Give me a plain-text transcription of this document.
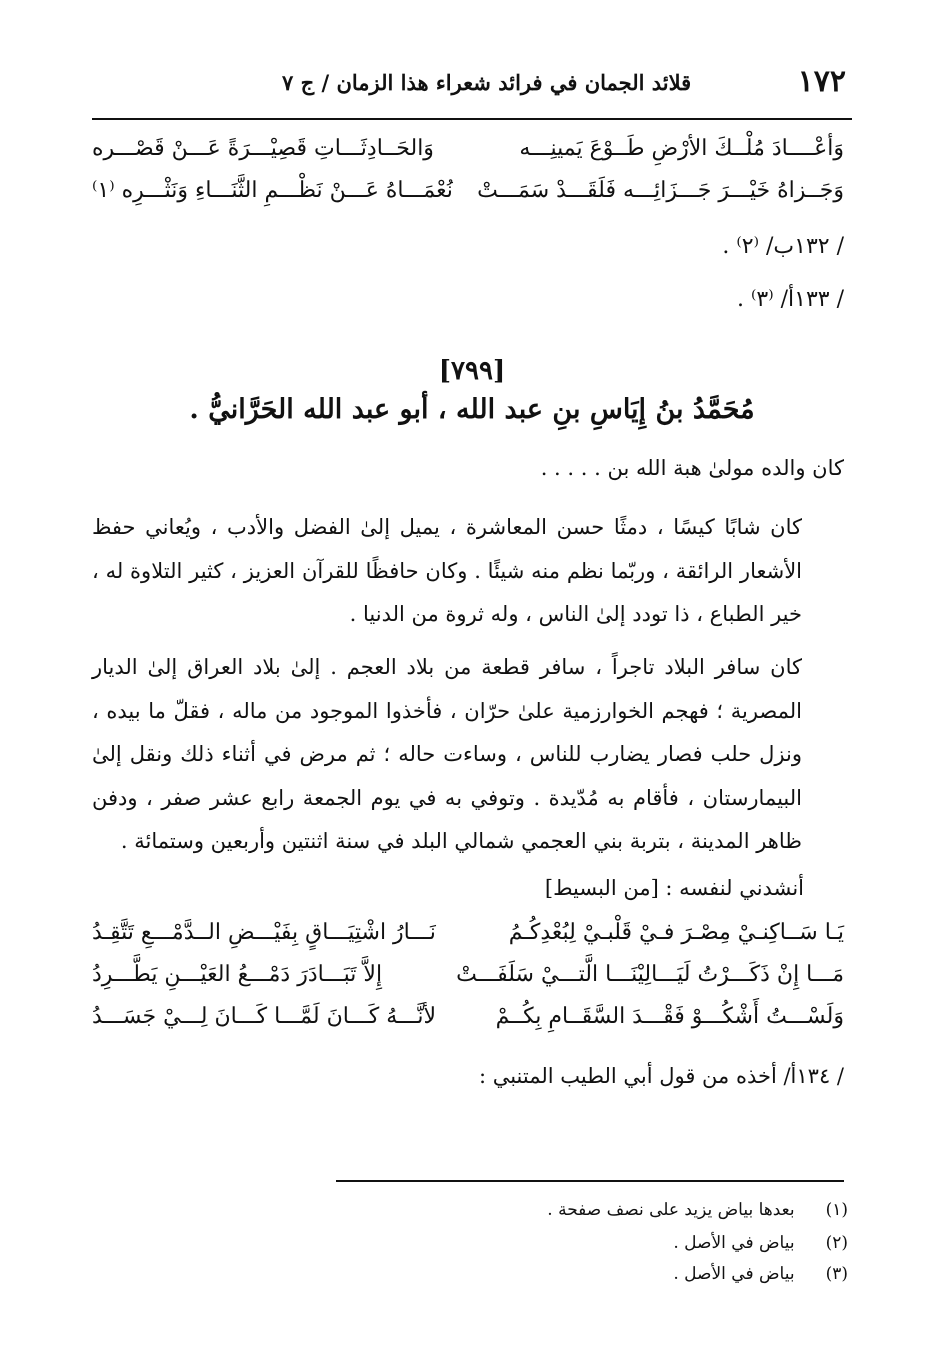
١٧٢
قلائد الجمان في فرائد شعراء هذا الزمان / ج ٧
وَأعْــــادَ مُلْــكَ الأرْضِ طَــوْعَ يَمينِـــه
وَالحَــادِثَـــاتِ قَصِيْـــرَةً عَـــنْ قَصْـــره
وَجَــزاهُ خَيْـــرَ جَـــزَائِـــه فَلَقَـــدْ سَمَـــتْ
نُعْمَـــاهُ عَـــنْ نَظْـــمِ الثَّنَـــاءِ وَنَثْـــرِه ⁽١⁾
/ ١٣٢ب/ ⁽٢⁾ .
/ ١٣٣أ/ ⁽٣⁾ .
[٧٩٩]
مُحَمَّدُ بنُ إِيَاسِ بنِ عبد الله ، أبو عبد الله الحَرَّانيُّ .
كان والده مولىٰ هبة الله بن . . . . .
كان شابًا كيسًا ، دمثًا حسن المعاشرة ، يميل إلىٰ الفضل والأدب ، ويُعاني حفظ الأشعار الرائقة ، وربّما نظم منه شيئًا . وكان حافظًا للقرآن العزيز ، كثير التلاوة له ، خير الطباع ، ذا تودد إلىٰ الناس ، وله ثروة من الدنيا .
كان سافر البلاد تاجراً ، سافر قطعة من بلاد العجم . إلىٰ بلاد العراق إلىٰ الديار المصرية ؛ فهجم الخوارزمية علىٰ حرّان ، فأخذوا الموجود من ماله ، فقلّ ما بيده ، ونزل حلب فصار يضارب للناس ، وساءت حاله ؛ ثم مرض في أثناء ذلك ونقل إلىٰ البيمارستان ، فأقام به مُدّيدة . وتوفي به في يوم الجمعة رابع عشر صفر ، ودفن ظاهر المدينة ، بتربة بني العجمي شمالي البلد في سنة اثنتين وأربعين وستمائة .
أنشدني لنفسه : [من البسيط]
يَـا سَــاكِنـيْ مِصْـرَ فـيْ قَلْبـيْ لِبُعْدِكُـمُ
نَـــارُ اشْتِيَـــاقٍ بِفَيْـــضِ الــدَّمْـــعِ تَتَّقِـدُ
مَـــا إِنْ ذَكَـــرْتُ لَيَـــالِيْنَـــا الَّتـــيْ سَلَفَـــتْ
إِلاَّ تَبَـــادَرَ دَمْـــعُ العَيْـــنِ يَطَّـــرِدُ
وَلَسْـــتُ أَشْكُـــوْ فَقْـــدَ السَّقَــامِ بِكُــمْ
لأنَّـــهُ كَـــانَ لَمَّـــا كَـــانَ لِـــيْ جَسَـــدُ
/ ١٣٤أ/ أخذه من قول أبي الطيب المتنبي :
(١) بعدها بياض يزيد على نصف صفحة .
(٢) بياض في الأصل .
(٣) بياض في الأصل .
